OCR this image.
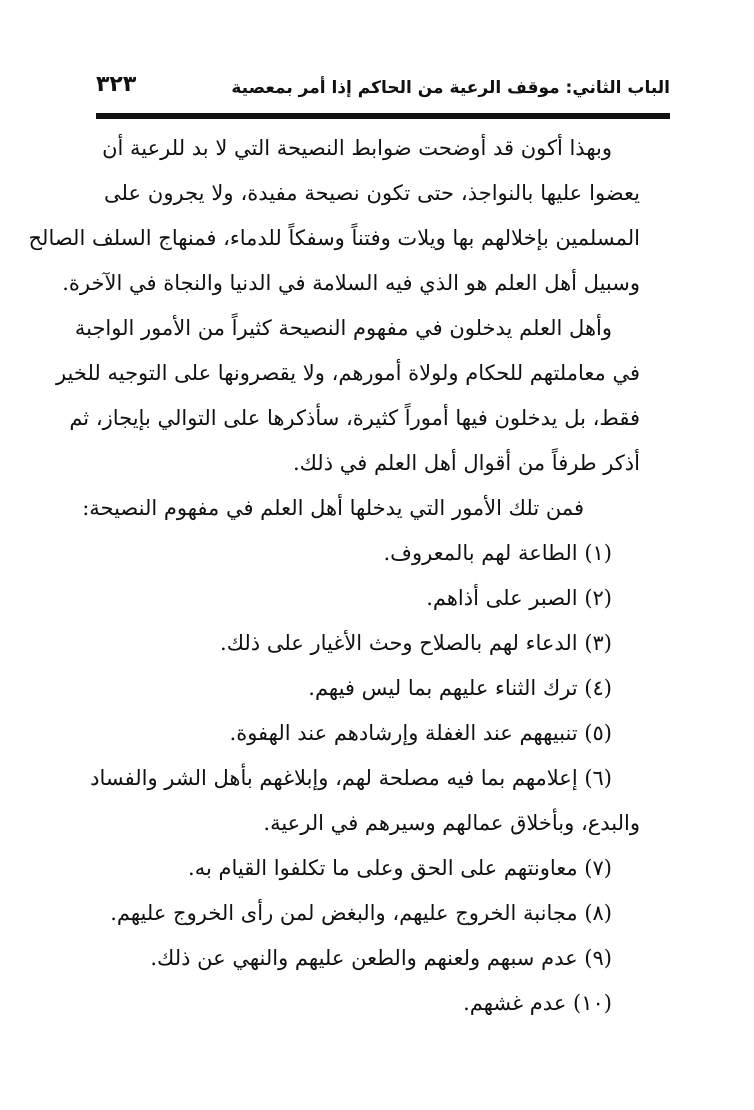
الباب الثاني: موقف الرعية من الحاكم إذا أمر بمعصية
٣٢٣
وبهذا أكون قد أوضحت ضوابط النصيحة التي لا بد للرعية أن
يعضوا عليها بالنواجذ، حتى تكون نصيحة مفيدة، ولا يجرون على
المسلمين بإخلالهم بها ويلات وفتناً وسفكاً للدماء، فمنهاج السلف الصالح
وسبيل أهل العلم هو الذي فيه السلامة في الدنيا والنجاة في الآخرة.
وأهل العلم يدخلون في مفهوم النصيحة كثيراً من الأمور الواجبة
في معاملتهم للحكام ولولاة أمورهم، ولا يقصرونها على التوجيه للخير
فقط، بل يدخلون فيها أموراً كثيرة، سأذكرها على التوالي بإيجاز، ثم
أذكر طرفاً من أقوال أهل العلم في ذلك.
فمن تلك الأمور التي يدخلها أهل العلم في مفهوم النصيحة:
(١) الطاعة لهم بالمعروف.
(٢) الصبر على أذاهم.
(٣) الدعاء لهم بالصلاح وحث الأغيار على ذلك.
(٤) ترك الثناء عليهم بما ليس فيهم.
(٥) تنبيههم عند الغفلة وإرشادهم عند الهفوة.
(٦) إعلامهم بما فيه مصلحة لهم، وإبلاغهم بأهل الشر والفساد
والبدع، وبأخلاق عمالهم وسيرهم في الرعية.
(٧) معاونتهم على الحق وعلى ما تكلفوا القيام به.
(٨) مجانبة الخروج عليهم، والبغض لمن رأى الخروج عليهم.
(٩) عدم سبهم ولعنهم والطعن عليهم والنهي عن ذلك.
(١٠) عدم غشهم.
